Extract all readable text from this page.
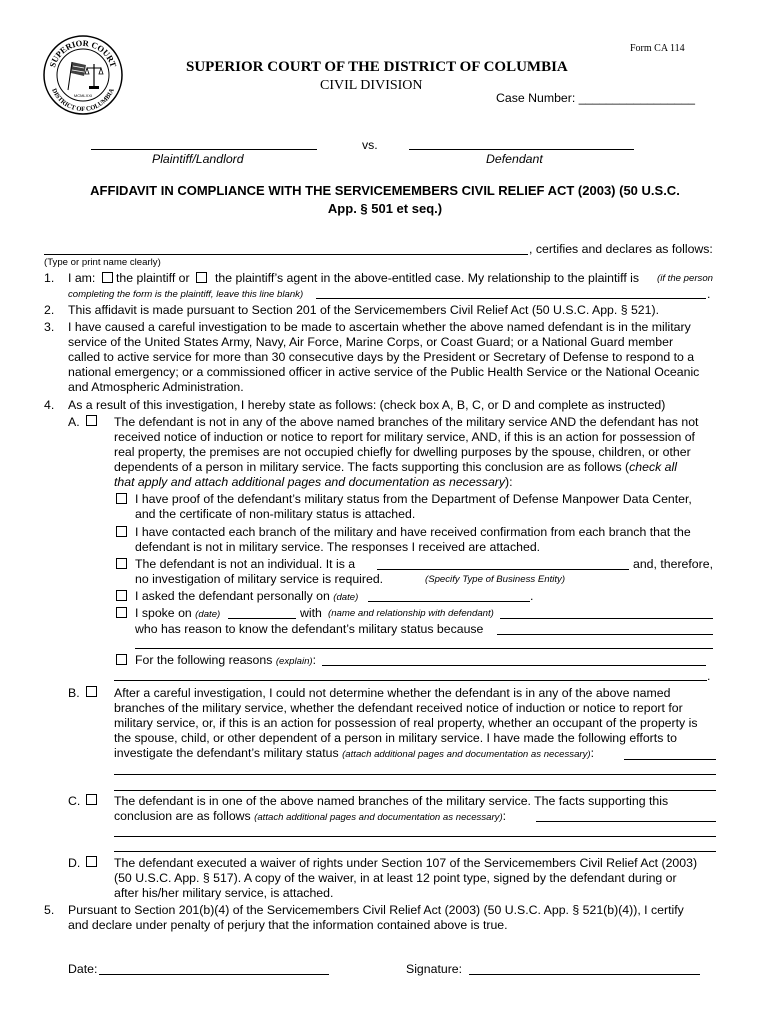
SUPERIOR COURT
DISTRICT OF COLUMBIA
MCMLXXI
Form CA 114
SUPERIOR COURT OF THE DISTRICT OF COLUMBIA
CIVIL DIVISION
Case Number: _________________
vs.
Plaintiff/Landlord	Defendant
AFFIDAVIT IN COMPLIANCE WITH THE SERVICEMEMBERS CIVIL RELIEF ACT (2003) (50 U.S.C.
App. § 501 et seq.)
, certifies and declares as follows:
(Type or print name clearly)
1. I am: the plaintiff or the plaintiff’s agent in the above-entitled case. My relationship to the plaintiff is (if the person
completing the form is the plaintiff, leave this line blank)	.
2. This affidavit is made pursuant to Section 201 of the Servicemembers Civil Relief Act (50 U.S.C. App. § 521).
3. I have caused a careful investigation to be made to ascertain whether the above named defendant is in the military
service of the United States Army, Navy, Air Force, Marine Corps, or Coast Guard; or a National Guard member
called to active service for more than 30 consecutive days by the President or Secretary of Defense to respond to a
national emergency; or a commissioned officer in active service of the Public Health Service or the National Oceanic
and Atmospheric Administration.
4. As a result of this investigation, I hereby state as follows: (check box A, B, C, or D and complete as instructed)
A.	The defendant is not in any of the above named branches of the military service AND the defendant has not
received notice of induction or notice to report for military service, AND, if this is an action for possession of
real property, the premises are not occupied chiefly for dwelling purposes by the spouse, children, or other
dependents of a person in military service. The facts supporting this conclusion are as follows (check all
that apply and attach additional pages and documentation as necessary):
I have proof of the defendant’s military status from the Department of Defense Manpower Data Center,
and the certificate of non-military status is attached.
I have contacted each branch of the military and have received confirmation from each branch that the
defendant is not in military service. The responses I received are attached.
The defendant is not an individual. It is a	and, therefore,
no investigation of military service is required.	(Specify Type of Business Entity)
I asked the defendant personally on (date)	.
I spoke on (date)	with (name and relationship with defendant)
who has reason to know the defendant’s military status because
For the following reasons (explain):
.
B.	After a careful investigation, I could not determine whether the defendant is in any of the above named
branches of the military service, whether the defendant received notice of induction or notice to report for
military service, or, if this is an action for possession of real property, whether an occupant of the property is
the spouse, child, or other dependent of a person in military service. I have made the following efforts to
investigate the defendant’s military status (attach additional pages and documentation as necessary):
C.	The defendant is in one of the above named branches of the military service. The facts supporting this
conclusion are as follows (attach additional pages and documentation as necessary):
D.	The defendant executed a waiver of rights under Section 107 of the Servicemembers Civil Relief Act (2003)
(50 U.S.C. App. § 517). A copy of the waiver, in at least 12 point type, signed by the defendant during or
after his/her military service, is attached.
5. Pursuant to Section 201(b)(4) of the Servicemembers Civil Relief Act (2003) (50 U.S.C. App. § 521(b)(4)), I certify
and declare under penalty of perjury that the information contained above is true.
Date:	Signature:
